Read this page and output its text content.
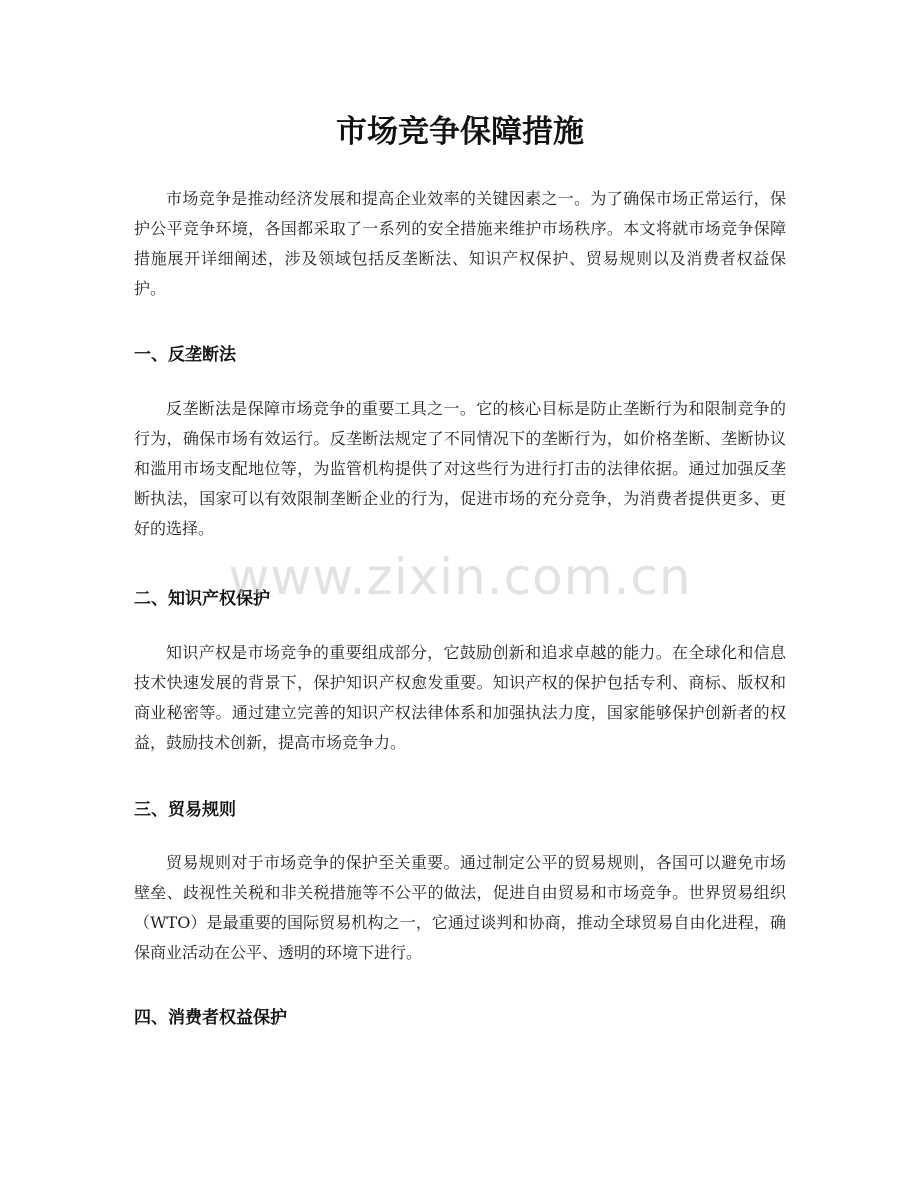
市场竞争保障措施

市场竞争是推动经济发展和提高企业效率的关键因素之一。为了确保市场正常运行，保护公平竞争环境，各国都采取了一系列的安全措施来维护市场秩序。本文将就市场竞争保障措施展开详细阐述，涉及领域包括反垄断法、知识产权保护、贸易规则以及消费者权益保护。

一、反垄断法

反垄断法是保障市场竞争的重要工具之一。它的核心目标是防止垄断行为和限制竞争的行为，确保市场有效运行。反垄断法规定了不同情况下的垄断行为，如价格垄断、垄断协议和滥用市场支配地位等，为监管机构提供了对这些行为进行打击的法律依据。通过加强反垄断执法，国家可以有效限制垄断企业的行为，促进市场的充分竞争，为消费者提供更多、更好的选择。

二、知识产权保护

知识产权是市场竞争的重要组成部分，它鼓励创新和追求卓越的能力。在全球化和信息技术快速发展的背景下，保护知识产权愈发重要。知识产权的保护包括专利、商标、版权和商业秘密等。通过建立完善的知识产权法律体系和加强执法力度，国家能够保护创新者的权益，鼓励技术创新，提高市场竞争力。

三、贸易规则

贸易规则对于市场竞争的保护至关重要。通过制定公平的贸易规则，各国可以避免市场壁垒、歧视性关税和非关税措施等不公平的做法，促进自由贸易和市场竞争。世界贸易组织（WTO）是最重要的国际贸易机构之一，它通过谈判和协商，推动全球贸易自由化进程，确保商业活动在公平、透明的环境下进行。

四、消费者权益保护
www.zixin.com.cn
